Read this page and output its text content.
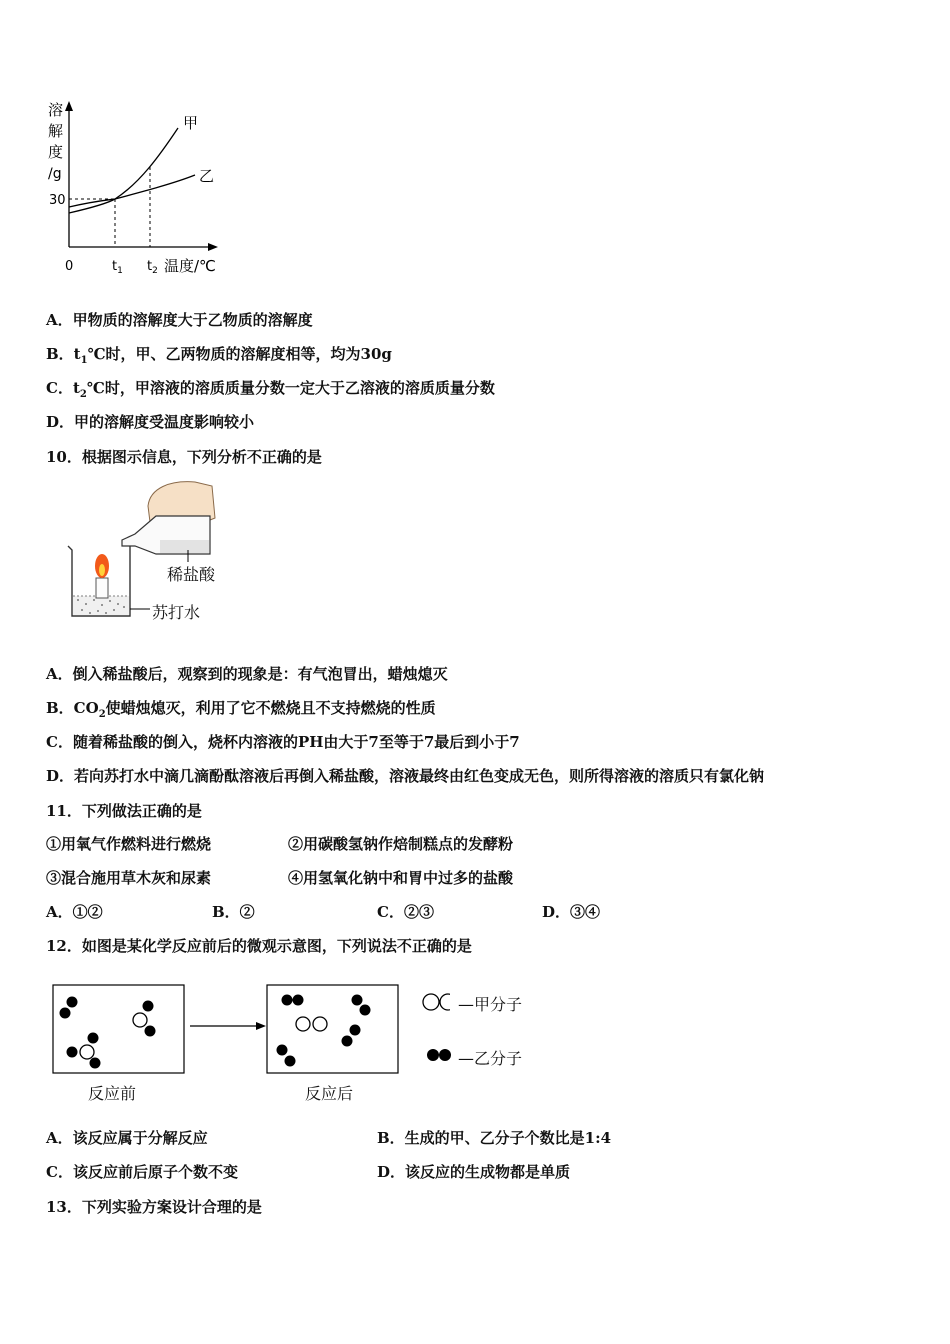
溶
解
度
/g
30
甲
乙
0	$t_1$ $t_2$ 温度/℃
A．甲物质的溶解度大于乙物质的溶解度
B．$t_1℃$时，甲、乙两物质的溶解度相等，均为30g
C．$t_2℃$时，甲溶液的溶质质量分数一定大于乙溶液的溶质质量分数
D．甲的溶解度受温度影响较小
10．根据图示信息，下列分析不正确的是
稀盐酸
苏打水
A．倒入稀盐酸后，观察到的现象是：有气泡冒出，蜡烛熄灭
B．$CO_2$使蜡烛熄灭，利用了它不燃烧且不支持燃烧的性质
C．随着稀盐酸的倒入，烧杯内溶液的PH由大于7至等于7最后到小于7
D．若向苏打水中滴几滴酚酞溶液后再倒入稀盐酸，溶液最终由红色变成无色，则所得溶液的溶质只有氯化钠
11．下列做法正确的是
①用氧气作燃料进行燃烧	②用碳酸氢钠作焙制糕点的发酵粉
③混合施用草木灰和尿素	④用氢氧化钠中和胃中过多的盐酸
A．①②	B．②	C．②③	D．③④
12．如图是某化学反应前后的微观示意图，下列说法不正确的是
—甲分子
—乙分子
反应前	反应后
A．该反应属于分解反应	B．生成的甲、乙分子个数比是1:4
C．该反应前后原子个数不变	D．该反应的生成物都是单质
13．下列实验方案设计合理的是
